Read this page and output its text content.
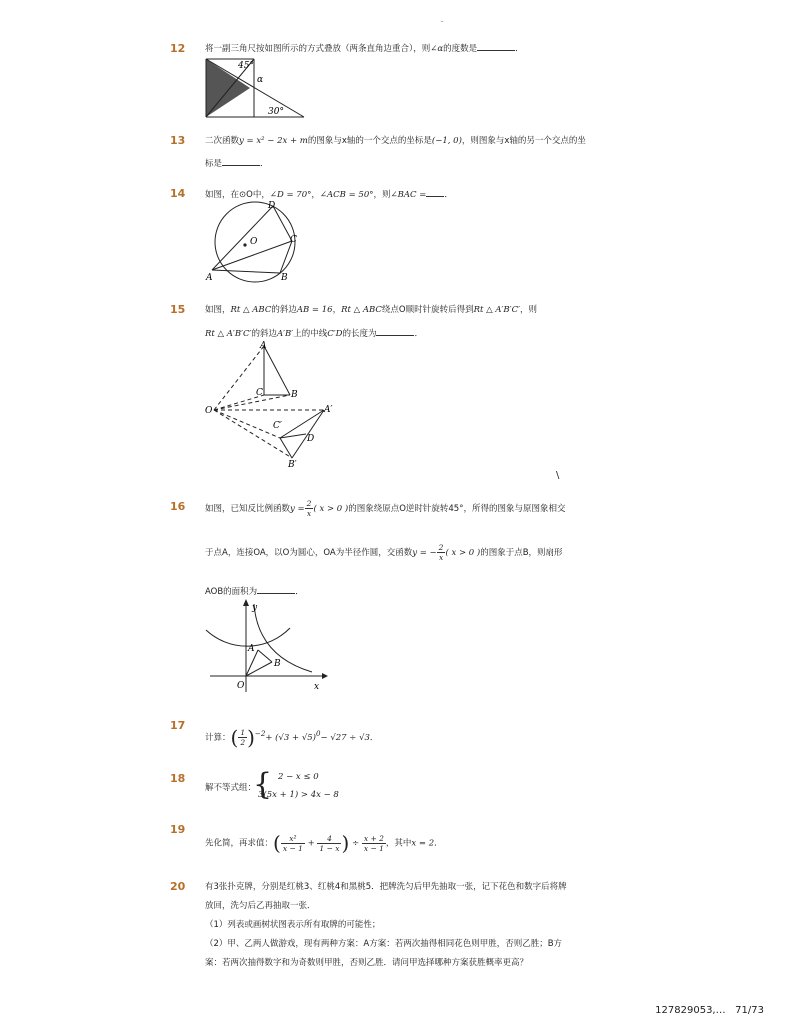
ˉ
12 将一副三角尺按如图所示的方式叠放（两条直角边重合），则∠α的度数是	．
45°
α
30°
13 二次函数y = x² − 2x + m的图象与x轴的一个交点的坐标是(−1, 0)，则图象与x轴的另一个交点的坐
标是	．
14 如图，在⊙O中，∠D = 70°，∠ACB = 50°，则∠BAC = ．
D
O	C
A	B
15 如图，Rt △ ABC的斜边AB = 16，Rt △ ABC绕点O顺时针旋转后得到Rt △ A′B′C′，则
Rt △ A′B′C′的斜边A′B′上的中线C′D的长度为	．
A
C	B
O	A′
C′
D
B′
\
16 如图，已知反比例函数$y = \frac{2}{x}$ ( x > 0 )的图象绕原点O逆时针旋转45°，所得的图象与原图象相交
于点A，连接OA，以O为圆心，OA为半径作圆，交函数y = − $\frac{2}{x}$ ( x > 0 )的图象于点B，则扇形
AOB的面积为	．
y
A
B
O	x
17
计算：( $\frac{1}{2} )^{-2}+ (√3 + √5)^0- √27 \div √3$．
18
解不等式组：
2 − x ≤ 0
3(5x + 1) > 4x − 8
{
19
先化简，再求值：( $\frac{\text{x²}}{x - 1} + \frac{4}{1 - x}$ ) ÷ $\frac{x + 2}{x - 1}$ ，其中x = 2．
20 有3张扑克牌，分别是红桃3、红桃4和黑桃5．把牌洗匀后甲先抽取一张，记下花色和数字后将牌
放回，洗匀后乙再抽取一张．
（1）列表或画树状图表示所有取牌的可能性；
（2）甲、乙两人做游戏，现有两种方案：A方案：若两次抽得相同花色则甲胜，否则乙胜；B方
案：若两次抽得数字和为奇数则甲胜，否则乙胜．请问甲选择哪种方案获胜概率更高？
127829053,… 71/73
